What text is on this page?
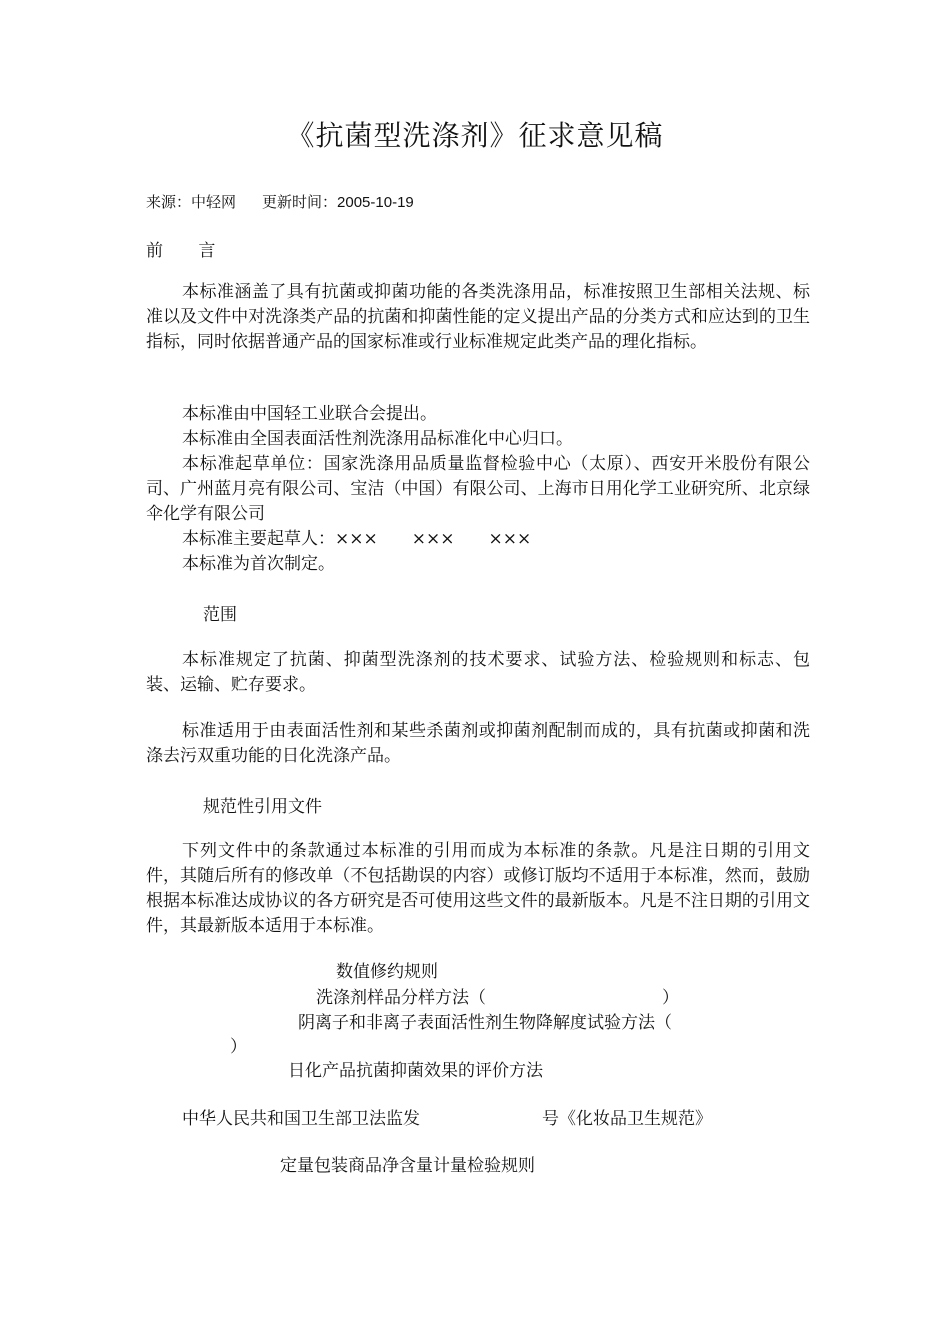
《抗菌型洗涤剂》征求意见稿
来源：中轻网 更新时间：2005-10-19
前 言
本标准涵盖了具有抗菌或抑菌功能的各类洗涤用品，标准按照卫生部相关法规、标准以及文件中对洗涤类产品的抗菌和抑菌性能的定义提出产品的分类方式和应达到的卫生指标，同时依据普通产品的国家标准或行业标准规定此类产品的理化指标。
本标准由中国轻工业联合会提出。
本标准由全国表面活性剂洗涤用品标准化中心归口。
本标准起草单位：国家洗涤用品质量监督检验中心（太原）、西安开米股份有限公司、广州蓝月亮有限公司、宝洁（中国）有限公司、上海市日用化学工业研究所、北京绿伞化学有限公司
本标准主要起草人：×××　　×××　　×××
本标准为首次制定。
范围
本标准规定了抗菌、抑菌型洗涤剂的技术要求、试验方法、检验规则和标志、包装、运输、贮存要求。
标准适用于由表面活性剂和某些杀菌剂或抑菌剂配制而成的，具有抗菌或抑菌和洗涤去污双重功能的日化洗涤产品。
规范性引用文件
下列文件中的条款通过本标准的引用而成为本标准的条款。凡是注日期的引用文件，其随后所有的修改单（不包括勘误的内容）或修订版均不适用于本标准，然而，鼓励根据本标准达成协议的各方研究是否可使用这些文件的最新版本。凡是不注日期的引用文件，其最新版本适用于本标准。
数值修约规则
洗涤剂样品分样方法（	）
阴离子和非离子表面活性剂生物降解度试验方法（
）
日化产品抗菌抑菌效果的评价方法
中华人民共和国卫生部卫法监发	号《化妆品卫生规范》
定量包装商品净含量计量检验规则
